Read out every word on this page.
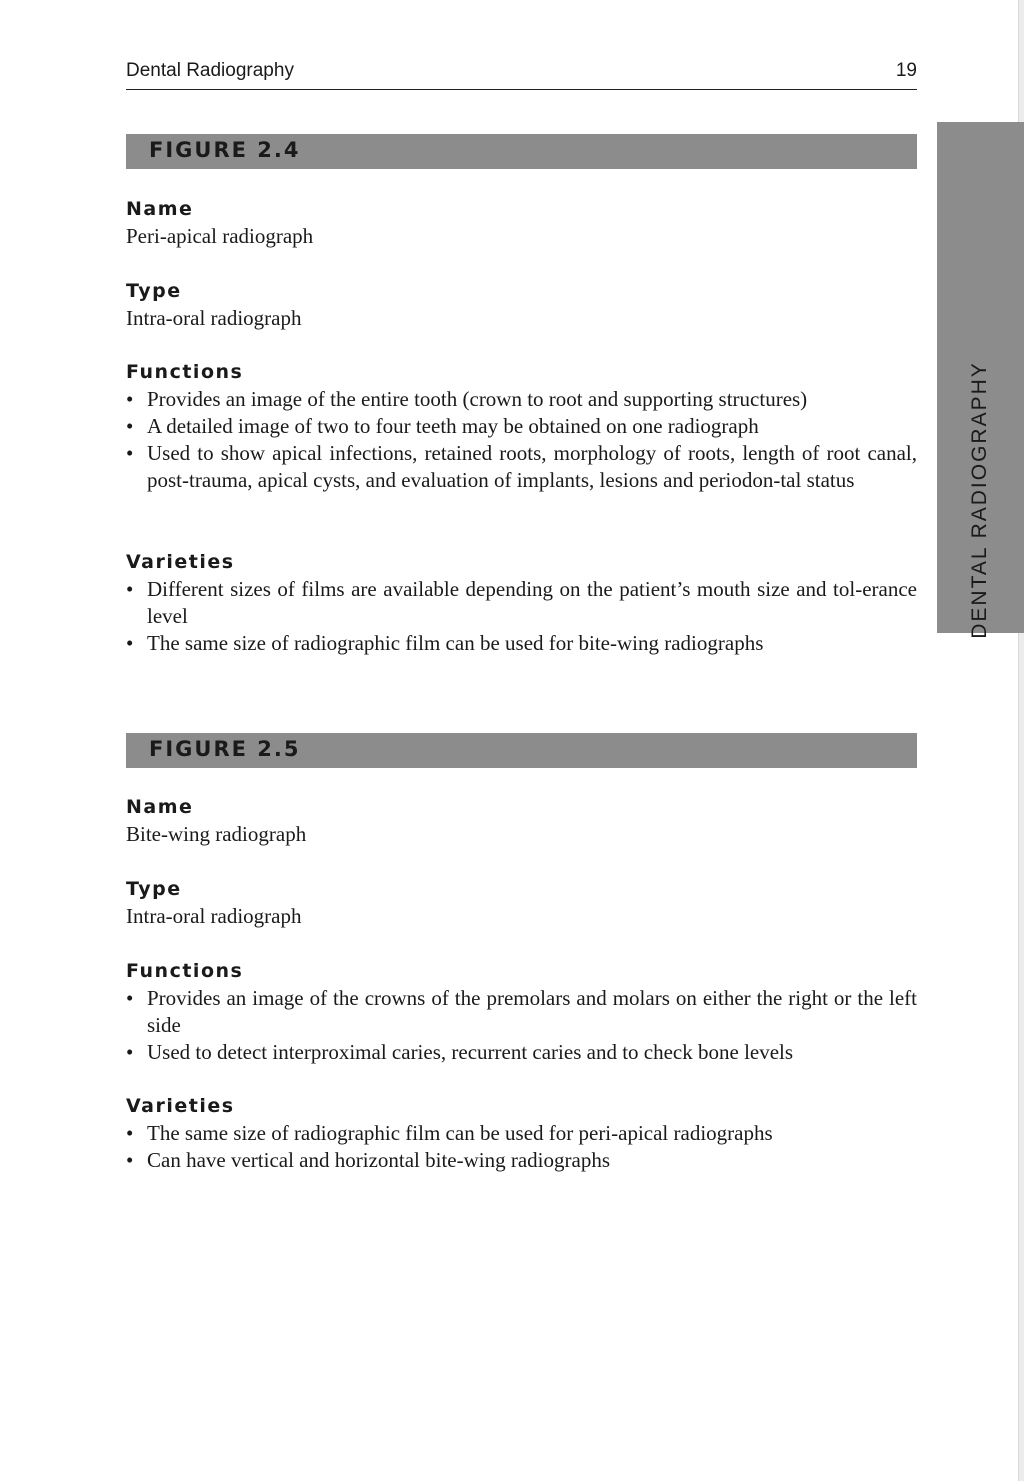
Dental Radiography	19
FIGURE 2.4
Name
Peri-apical radiograph
Type
Intra-oral radiograph
Functions
• Provides an image of the entire tooth (crown to root and supporting structures)
• A detailed image of two to four teeth may be obtained on one radiograph
• Used to show apical infections, retained roots, morphology of roots, length of root canal, post-trauma, apical cysts, and evaluation of implants, lesions and periodon-tal status
Varieties
• Different sizes of films are available depending on the patient’s mouth size and tol-erance level
• The same size of radiographic film can be used for bite-wing radiographs
FIGURE 2.5
Name
Bite-wing radiograph
Type
Intra-oral radiograph
Functions
• Provides an image of the crowns of the premolars and molars on either the right or the left side
• Used to detect interproximal caries, recurrent caries and to check bone levels
Varieties
• The same size of radiographic film can be used for peri-apical radiographs
• Can have vertical and horizontal bite-wing radiographs
DENTAL RADIOGRAPHY
